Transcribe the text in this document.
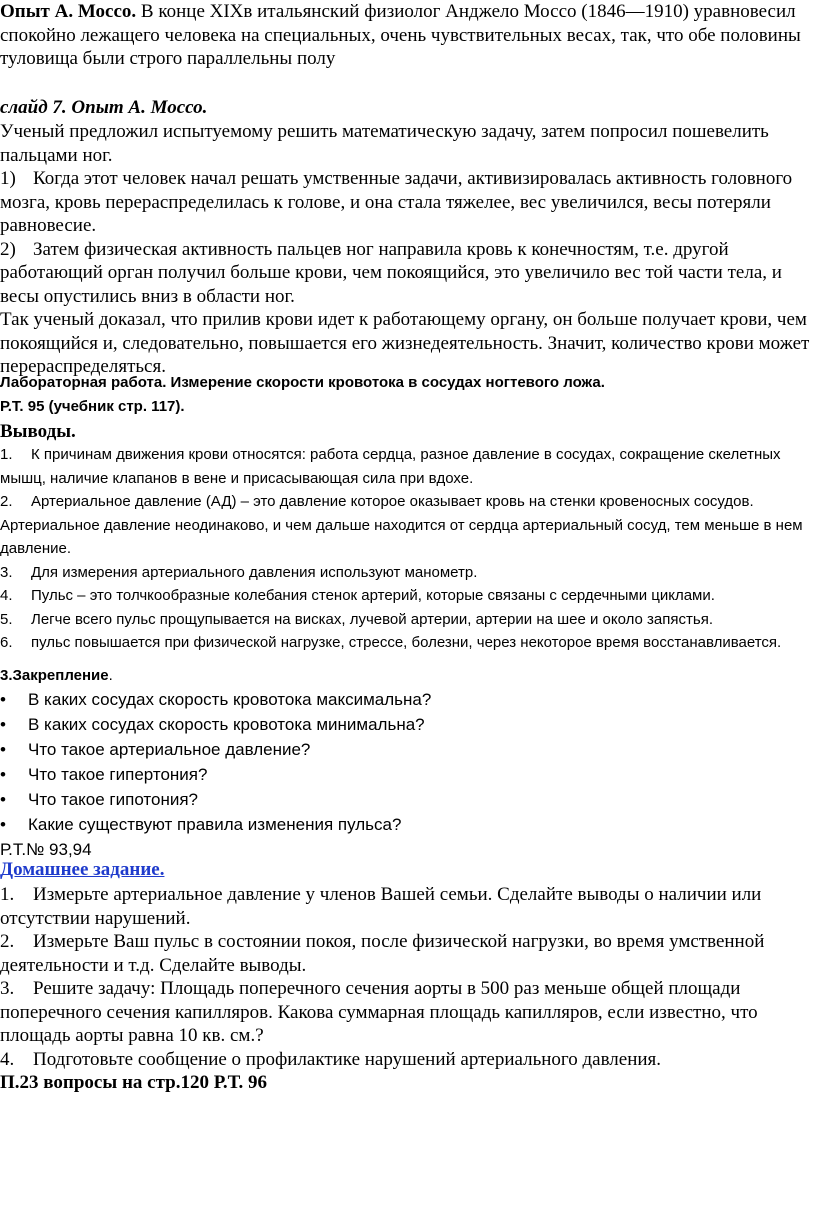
Опыт А. Моссо. В конце XIXв итальянский физиолог Анджело Моссо (1846—1910) уравновесил спокойно лежащего человека на специальных, очень чувствительных весах, так, что обе половины туловища были строго параллельны полу
слайд 7. Опыт А. Моссо.
Ученый предложил испытуемому решить математическую задачу, затем попросил пошевелить пальцами ног.
1) Когда этот человек начал решать умственные задачи, активизировалась активность головного мозга, кровь перераспределилась к голове, и она стала тяжелее, вес увеличился, весы потеряли равновесие.
2) Затем физическая активность пальцев ног направила кровь к конечностям, т.е. другой работающий орган получил больше крови, чем покоящийся, это увеличило вес той части тела, и весы опустились вниз в области ног.
Так ученый доказал, что прилив крови идет к работающему органу, он больше получает крови, чем покоящийся и, следовательно, повышается его жизнедеятельность. Значит, количество крови может перераспределяться.
Лабораторная работа. Измерение скорости кровотока в сосудах ногтевого ложа.
Р.Т. 95 (учебник стр. 117).
Выводы.
1. К причинам движения крови относятся: работа сердца, разное давление в сосудах, сокращение скелетных мышц, наличие клапанов в вене и присасывающая сила при вдохе.
2. Артериальное давление (АД) – это давление которое оказывает кровь на стенки кровеносных сосудов. Артериальное давление неодинаково, и чем дальше находится от сердца артериальный сосуд, тем меньше в нем давление.
3. Для измерения артериального давления используют манометр.
4. Пульс – это толчкообразные колебания стенок артерий, которые связаны с сердечными циклами.
5. Легче всего пульс прощупывается на висках, лучевой артерии, артерии на шее и около запястья.
6. пульс повышается при физической нагрузке, стрессе, болезни, через некоторое время восстанавливается.
3.Закрепление.
• В каких сосудах скорость кровотока максимальна?
• В каких сосудах скорость кровотока минимальна?
• Что такое артериальное давление?
• Что такое гипертония?
• Что такое гипотония?
• Какие существуют правила изменения пульса?
Р.Т.№ 93,94
Домашнее задание.
1. Измерьте артериальное давление у членов Вашей семьи. Сделайте выводы о наличии или отсутствии нарушений.
2. Измерьте Ваш пульс в состоянии покоя, после физической нагрузки, во время умственной деятельности и т.д. Сделайте выводы.
3. Решите задачу: Площадь поперечного сечения аорты в 500 раз меньше общей площади поперечного сечения капилляров. Какова суммарная площадь капилляров, если известно, что площадь аорты равна 10 кв. см.?
4. Подготовьте сообщение о профилактике нарушений артериального давления.
П.23 вопросы на стр.120 Р.Т. 96
